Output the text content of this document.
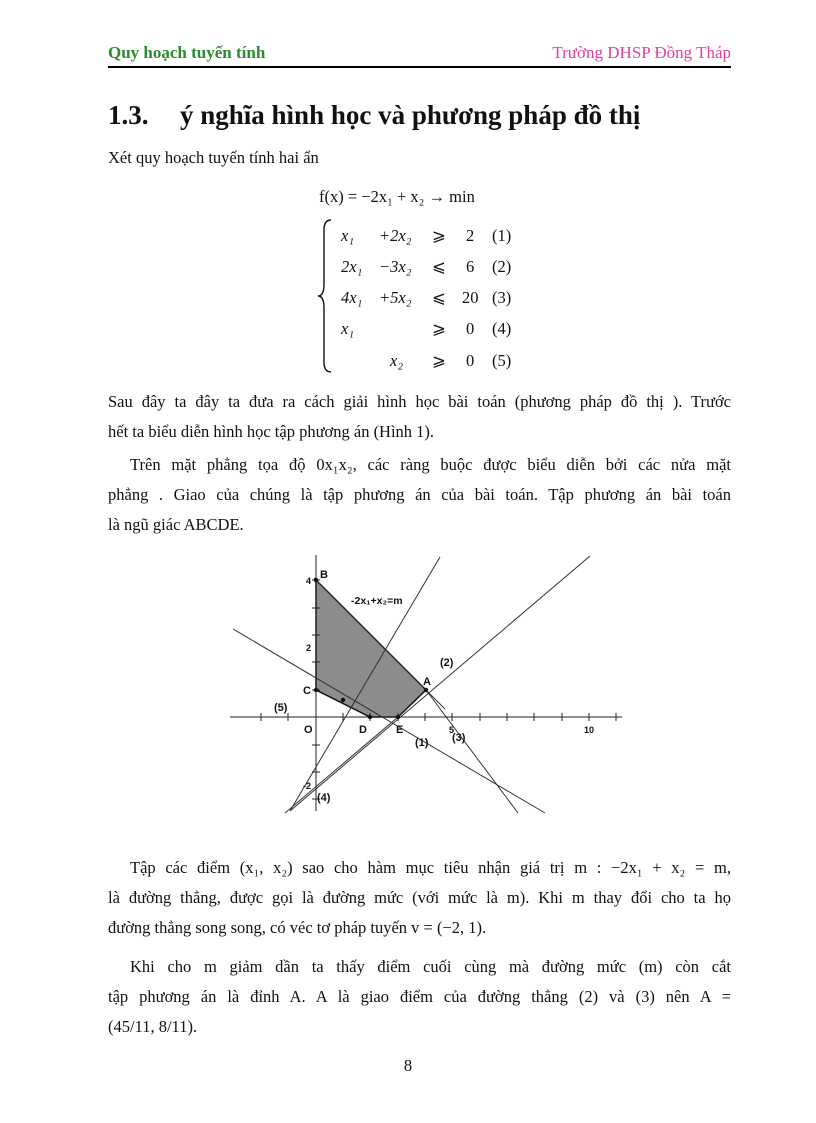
Quy hoạch tuyến tính	Trường DHSP Đồng Tháp
1.3. ý nghĩa hình học và phương pháp đồ thị
Xét quy hoạch tuyến tính hai ẩn
f(x) = −2x₁ + x₂ → min
x₁ +2x₂ ⩾ 2 (1)
2x₁ −3x₂ ⩽ 6 (2)
4x₁ +5x₂ ⩽ 20 (3)
x₁	⩾ 0 (4)
x₂ ⩾ 0 (5)
Sau đây ta đây ta đưa ra cách giải hình học bài toán (phương pháp đồ thị ). Trước
hết ta biểu diễn hình học tập phương án (Hình 1).
Trên mặt phẳng tọa độ 0x₁x₂, các ràng buộc được biểu diễn bởi các nửa mặt
phẳng . Giao của chúng là tập phương án của bài toán. Tập phương án bài toán
là ngũ giác ABCDE.
A
B
C
D	E
O
(1)
(2)
(3)
(4)
(5)
-2x₁+x₂=m
5	10
2
4
-2
Tập các điểm (x₁, x₂) sao cho hàm mục tiêu nhận giá trị m : −2x₁ + x₂ = m,
là đường thẳng, được gọi là đường mức (với mức là m). Khi m thay đổi cho ta họ
đường thẳng song song, có véc tơ pháp tuyến v = (−2, 1).
Khi cho m giảm dần ta thấy điểm cuối cùng mà đường mức (m) còn cắt
tập phương án là đỉnh A. A là giao điểm của đường thẳng (2) và (3) nên A =
(45/11, 8/11).
8
